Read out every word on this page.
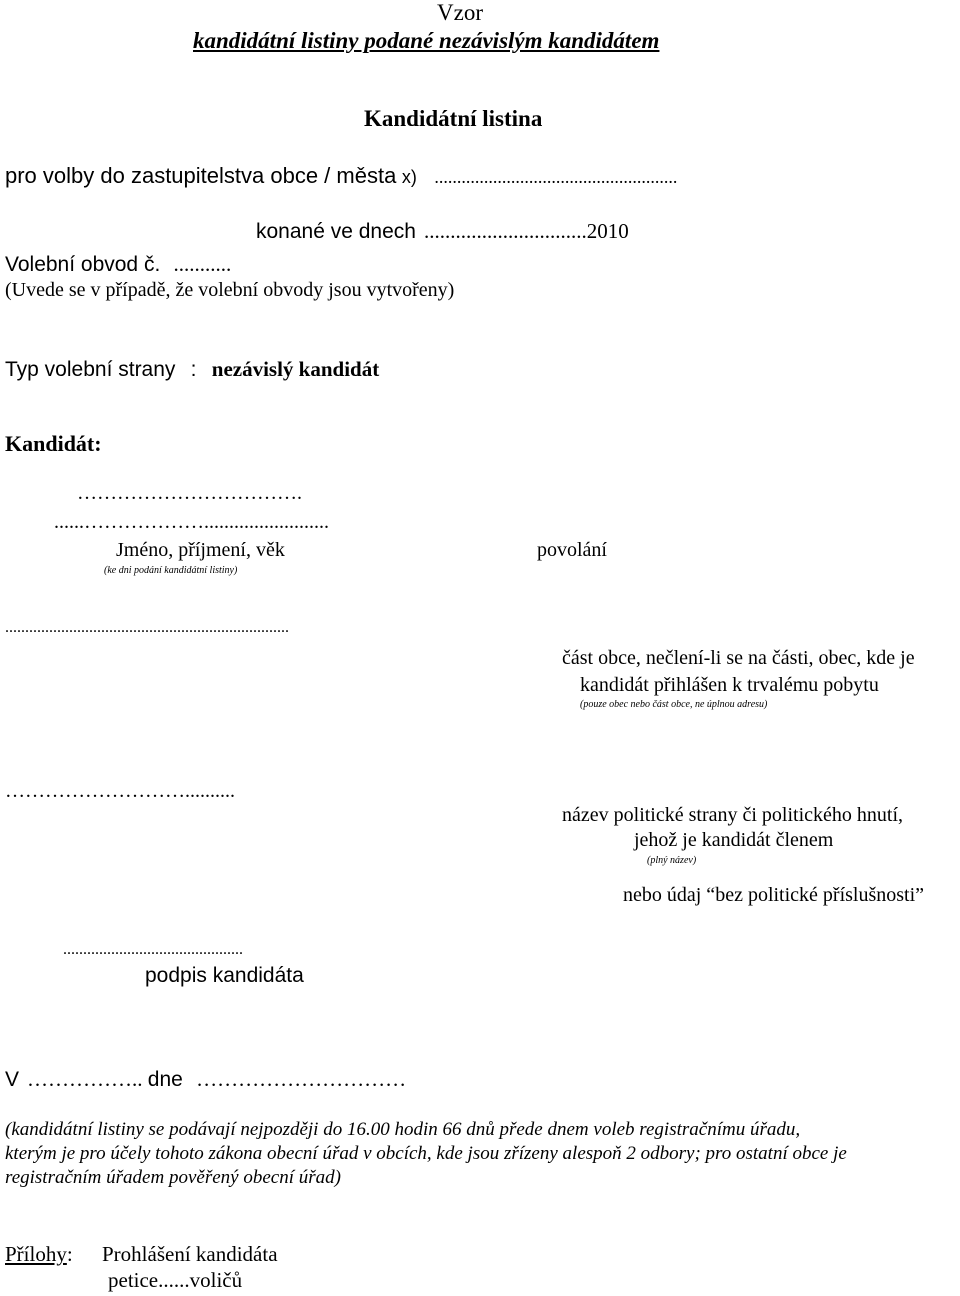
Vzor
kandidátní listiny podané nezávislým kandidátem
Kandidátní listina
pro volby do zastupitelstva obce / města x) ......................................................
konané ve dnech ...............................2010
Volební obvod č. ...........
(Uvede se v případě, že volební obvody jsou vytvořeny)
Typ volební strany : nezávislý kandidát
Kandidát:
…………………………….
......……………….........................
Jméno, příjmení, věk
(ke dni podání kandidátní listiny)
povolání
.......................................................................
část obce, nečlení-li se na části, obec, kde je
kandidát přihlášen k trvalému pobytu
(pouze obec nebo část obce, ne úplnou adresu)
………………………..........
název politické strany či politického hnutí,
jehož je kandidát členem
(plný název)
nebo údaj “bez politické příslušnosti”
.............................................
podpis kandidáta
V …………….. dne …………………………
(kandidátní listiny se podávají nejpozději do 16.00 hodin 66 dnů přede dnem voleb registračnímu úřadu,
kterým je pro účely tohoto zákona obecní úřad v obcích, kde jsou zřízeny alespoň 2 odbory; pro ostatní obce je
registračním úřadem pověřený obecní úřad)
Přílohy: Prohlášení kandidáta
petice......voličů
